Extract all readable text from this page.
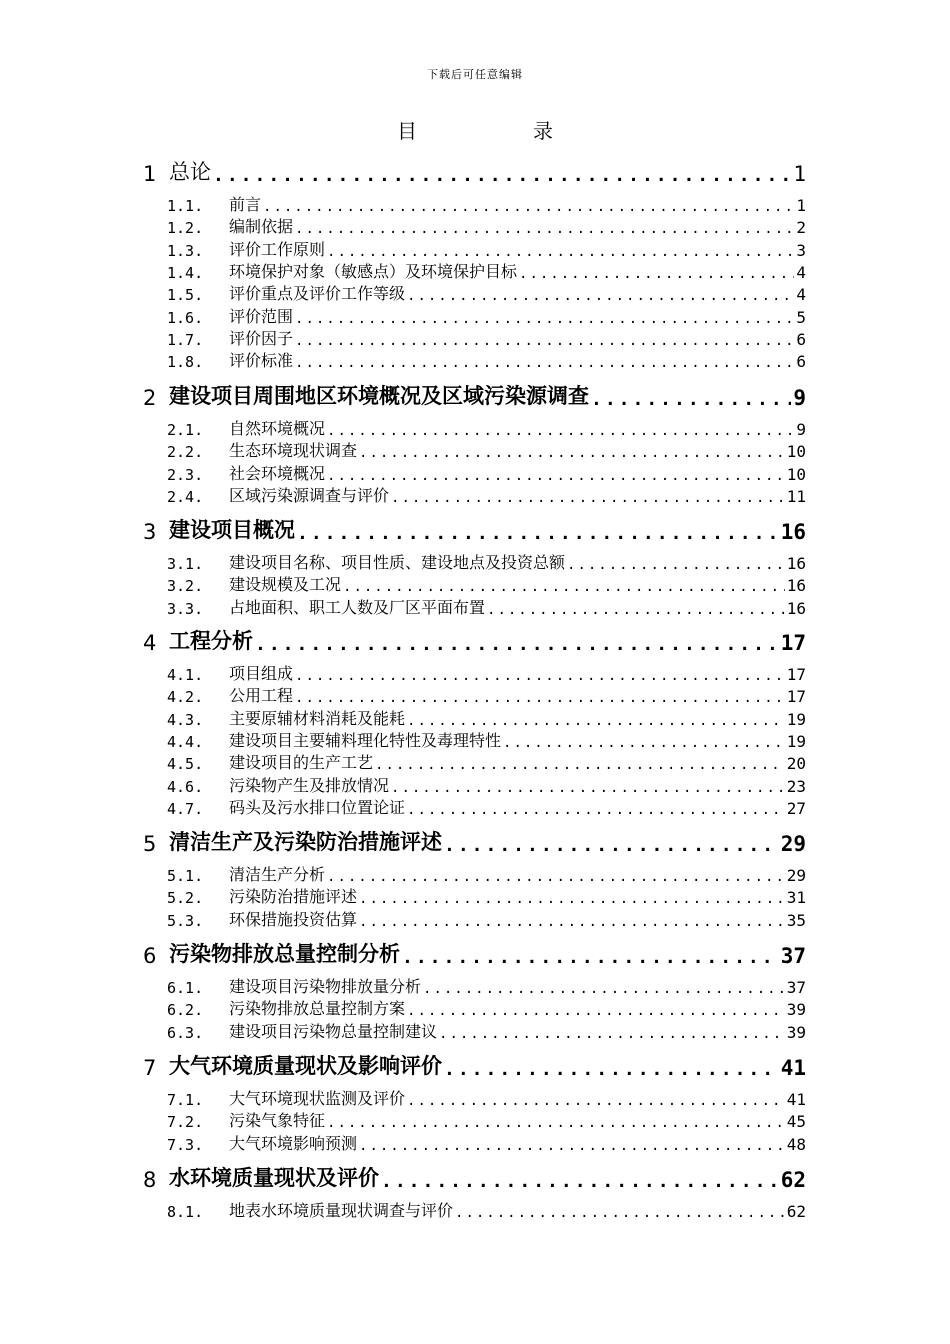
下载后可任意编辑
目	录
1 总论 .....	1
1.1.	前言 .....	1
1.2.	编制依据 .....	2
1.3.	评价工作原则 .....	3
1.4.	环境保护对象（敏感点）及环境保护目标 .....	4
1.5.	评价重点及评价工作等级 .....	4
1.6.	评价范围 .....	5
1.7.	评价因子 .....	6
1.8.	评价标准 .....	6
2 建设项目周围地区环境概况及区域污染源调查 .....	9
2.1.	自然环境概况 .....	9
2.2.	生态环境现状调查 .....	10
2.3.	社会环境概况 .....	10
2.4.	区域污染源调查与评价 .....	11
3 建设项目概况 .....	16
3.1.	建设项目名称、项目性质、建设地点及投资总额 .....	16
3.2.	建设规模及工况 .....	16
3.3.	占地面积、职工人数及厂区平面布置 .....	16
4 工程分析 .....	17
4.1.	项目组成 .....	17
4.2.	公用工程 .....	17
4.3.	主要原辅材料消耗及能耗 .....	19
4.4.	建设项目主要辅料理化特性及毒理特性 .....	19
4.5.	建设项目的生产工艺 .....	20
4.6.	污染物产生及排放情况 .....	23
4.7.	码头及污水排口位置论证 .....	27
5 清洁生产及污染防治措施评述 .....	29
5.1.	清洁生产分析 .....	29
5.2.	污染防治措施评述 .....	31
5.3.	环保措施投资估算 .....	35
6 污染物排放总量控制分析 .....	37
6.1.	建设项目污染物排放量分析 .....	37
6.2.	污染物排放总量控制方案 .....	39
6.3.	建设项目污染物总量控制建议 .....	39
7 大气环境质量现状及影响评价 .....	41
7.1.	大气环境现状监测及评价 .....	41
7.2.	污染气象特征 .....	45
7.3.	大气环境影响预测 .....	48
8 水环境质量现状及评价 .....	62
8.1.	地表水环境质量现状调查与评价 .....	62
